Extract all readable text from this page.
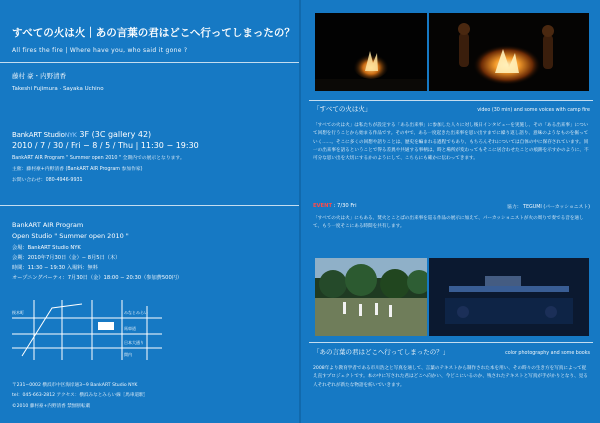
すべての火は火｜あの言葉の君はどこへ行ってしまったの？
All fires the fire | Where have you, who said it gone ?
藤村 豪・内野清香
Takeshi Fujimura · Sayaka Uchino
BankART StudioNYK 3F (3C gallery 42)
2010 / 7 / 30 / Fri − 8 / 5 / Thu | 11:30 − 19:30
BankART AIR Program " Summer open 2010 " 全期内での展示となります。
主催：藤村豪+内野清香 (BankART AIR Program 参加作家)
お問い合わせ：080-4946-9931
BankART AIR Program
Open Studio " Summer open 2010 "
会場：BankART Studio NYK
会期：2010年7月30日（金）− 8月5日（木）
時間：11:30 − 19:30 入場料：無料
オープニングパーティ：7月30日（金）18:00 − 20:30（参加費500円）
みなとみらい
馬車道
日本大通り
関内
桜木町
〒231−0002 横浜市中区海岸通3−9 BankART Studio NYK
tel：045-663-2812 アクセス：横浜みなとみらい線［馬車道駅］
©2010 藤村豪+内野清香 禁無断転載
「すべての火は火」	video (30 min) and some voices with camp fire
「すべての火は火」は私たちが設定する「ある出来事」に参加した人々に対し後日インタビューを実施し、その「ある出来事」について回想を行うことから始まる作品です。その中で、ある一度起きた出来事を思い出すまでに繰り返し語り、意味のようなものを掘っていく……。そこに多くの回想や語りことは、歴史を編まれる過程でもあり、もちろんそれについては自体の中に保存されています。同一の出来事を語るということで得る差異や共通する事柄は、時と場所が変わってもそこに居合わせたことの痕跡を示すかのように、不可分な思い出を大切にするかのようにして、こちらにも確かに伝わってきます。
EVENT : 7/30 Fri	協力： TEGUMI (パーカッショニスト)
「すべての火は火」にもある、焚火とことばの出来事を巡る作品の展示に加えて、パーカッショニストが火の周りで奏でる音を通して、もう一度そこにある時間を共有します。
「あの言葉の君はどこへ行ってしまったの？」	color photography and some books
2008年より教育学者である市川浩之と写真を通して、言葉のテキストから制作された本を用い、その時々の生き方を写真によって捉え直すプロジェクトです。本の中に写された君はどこへ向かい、今どこにいるのか、残されたテキストと写真が手がかりとなり、見る人それぞれが新たな物語を紡いでいきます。
